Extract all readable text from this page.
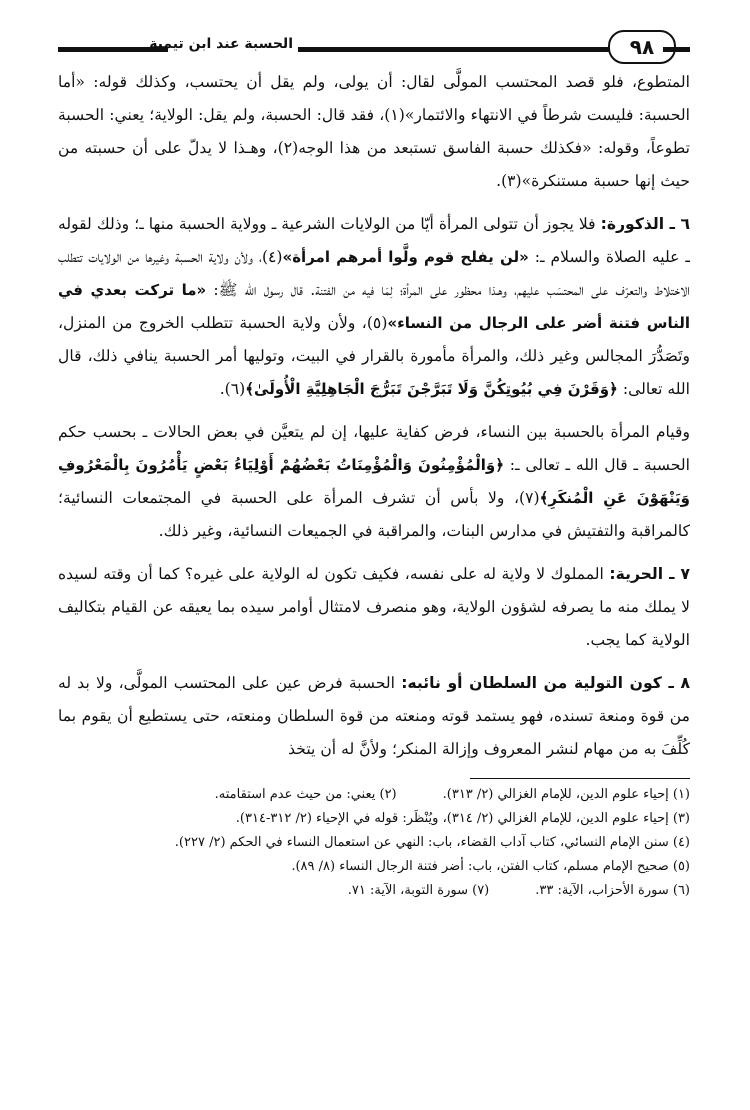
الحسبة عند ابن تيمية	٩٨

المتطوع، فلو قصد المحتسب المولَّى لقال: أن يولى، ولم يقل أن يحتسب، وكذلك قوله: «أما الحسبة: فليست شرطاً في الانتهاء والائتمار»(١)، فقد قال: الحسبة، ولم يقل: الولاية؛ يعني: الحسبة تطوعاً، وقوله: «فكذلك حسبة الفاسق تستبعد من هذا الوجه(٢)، وهـذا لا يدلّ على أن حسبته من حيث إنها حسبة مستنكرة»(٣).

٦ ـ الذكورة: فلا يجوز أن تتولى المرأة أيّا من الولايات الشرعية ـ وولاية الحسبة منها ـ؛ وذلك لقوله ـ عليه الصلاة والسلام ـ: «لن يفلح قوم ولَّوا أمرهم امرأة»(٤)، ولأن ولاية الحسبة وغيرها من الولايات تتطلب الاختلاط والتعرّف على المحتسَب عليهم، وهـذا محظور على المرأة؛ لِمَا فيه من الفتنة. قال رسول الله ﷺ: «ما تركت بعدي في الناس فتنة أضر على الرجال من النساء»(٥)، ولأن ولاية الحسبة تتطلب الخروج من المنزل، وتَصَدُّرَ المجالس وغير ذلك، والمرأة مأمورة بالقرار في البيت، وتوليها أمر الحسبة ينافي ذلك، قال الله تعالى: ﴿وَقَرْنَ فِي بُيُوتِكُنَّ وَلَا تَبَرَّجْنَ تَبَرُّجَ الْجَاهِلِيَّةِ الْأُولَىٰ﴾(٦).

وقيام المرأة بالحسبة بين النساء، فرض كفاية عليها، إن لم يتعيَّن في بعض الحالات ـ بحسب حكم الحسبة ـ قال الله ـ تعالى ـ: ﴿وَالْمُؤْمِنُونَ وَالْمُؤْمِنَاتُ بَعْضُهُمْ أَوْلِيَاءُ بَعْضٍ يَأْمُرُونَ بِالْمَعْرُوفِ وَيَنْهَوْنَ عَنِ الْمُنكَرِ﴾(٧)، ولا بأس أن تشرف المرأة على الحسبة في المجتمعات النسائية؛ كالمراقبة والتفتيش في مدارس البنات، والمراقبة في الجميعات النسائية، وغير ذلك.

٧ ـ الحرية: المملوك لا ولاية له على نفسه، فكيف تكون له الولاية على غيره؟ كما أن وقته لسيده لا يملك منه ما يصرفه لشؤون الولاية، وهو منصرف لامتثال أوامر سيده بما يعيقه عن القيام بتكاليف الولاية كما يجب.

٨ ـ كون التولية من السلطان أو نائبه: الحسبة فرض عين على المحتسب المولَّى، ولا بد له من قوة ومنعة تسنده، فهو يستمد قوته ومنعته من قوة السلطان ومنعته، حتى يستطيع أن يقوم بما كُلِّفَ به من مهام لنشر المعروف وإزالة المنكر؛ ولأنَّ له أن يتخذ

(١) إحياء علوم الدين، للإمام الغزالي (٢/ ٣١٣).
(٢) يعني: من حيث عدم استقامته.
(٣) إحياء علوم الدين، للإمام الغزالي (٢/ ٣١٤)، ويُنْظَر: قوله في الإحياء (٢/ ٣١٢-٣١٤).
(٤) سنن الإمام النسائي، كتاب آداب القضاء، باب: النهي عن استعمال النساء في الحكم (٢/ ٢٢٧).
(٥) صحيح الإمام مسلم، كتاب الفتن، باب: أضر فتنة الرجال النساء (٨/ ٨٩).
(٦) سورة الأحزاب، الآية: ٣٣.
(٧) سورة التوبة، الآية: ٧١.
